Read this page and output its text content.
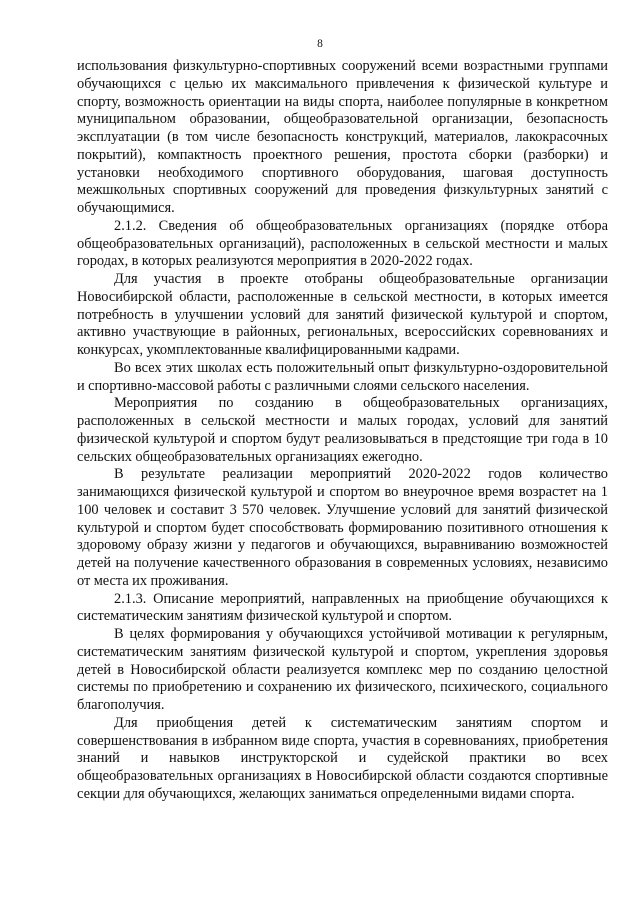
8

использования физкультурно-спортивных сооружений всеми возрастными группами обучающихся с целью их максимального привлечения к физической культуре и спорту, возможность ориентации на виды спорта, наиболее популярные в конкретном муниципальном образовании, общеобразовательной организации, безопасность эксплуатации (в том числе безопасность конструкций, материалов, лакокрасочных покрытий), компактность проектного решения, простота сборки (разборки) и установки необходимого спортивного оборудования, шаговая доступность межшкольных спортивных сооружений для проведения физкультурных занятий с обучающимися.

2.1.2. Сведения об общеобразовательных организациях (порядке отбора общеобразовательных организаций), расположенных в сельской местности и малых городах, в которых реализуются мероприятия в 2020-2022 годах.

Для участия в проекте отобраны общеобразовательные организации Новосибирской области, расположенные в сельской местности, в которых имеется потребность в улучшении условий для занятий физической культурой и спортом, активно участвующие в районных, региональных, всероссийских соревнованиях и конкурсах, укомплектованные квалифицированными кадрами.

Во всех этих школах есть положительный опыт физкультурно-оздоровительной и спортивно-массовой работы с различными слоями сельского населения.

Мероприятия по созданию в общеобразовательных организациях, расположенных в сельской местности и малых городах, условий для занятий физической культурой и спортом будут реализовываться в предстоящие три года в 10 сельских общеобразовательных организациях ежегодно.

В результате реализации мероприятий 2020-2022 годов количество занимающихся физической культурой и спортом во внеурочное время возрастет на 1 100 человек и составит 3 570 человек. Улучшение условий для занятий физической культурой и спортом будет способствовать формированию позитивного отношения к здоровому образу жизни у педагогов и обучающихся, выравниванию возможностей детей на получение качественного образования в современных условиях, независимо от места их проживания.

2.1.3. Описание мероприятий, направленных на приобщение обучающихся к систематическим занятиям физической культурой и спортом.

В целях формирования у обучающихся устойчивой мотивации к регулярным, систематическим занятиям физической культурой и спортом, укрепления здоровья детей в Новосибирской области реализуется комплекс мер по созданию целостной системы по приобретению и сохранению их физического, психического, социального благополучия.

Для приобщения детей к систематическим занятиям спортом и совершенствования в избранном виде спорта, участия в соревнованиях, приобретения знаний и навыков инструкторской и судейской практики во всех общеобразовательных организациях в Новосибирской области создаются спортивные секции для обучающихся, желающих заниматься определенными видами спорта.
